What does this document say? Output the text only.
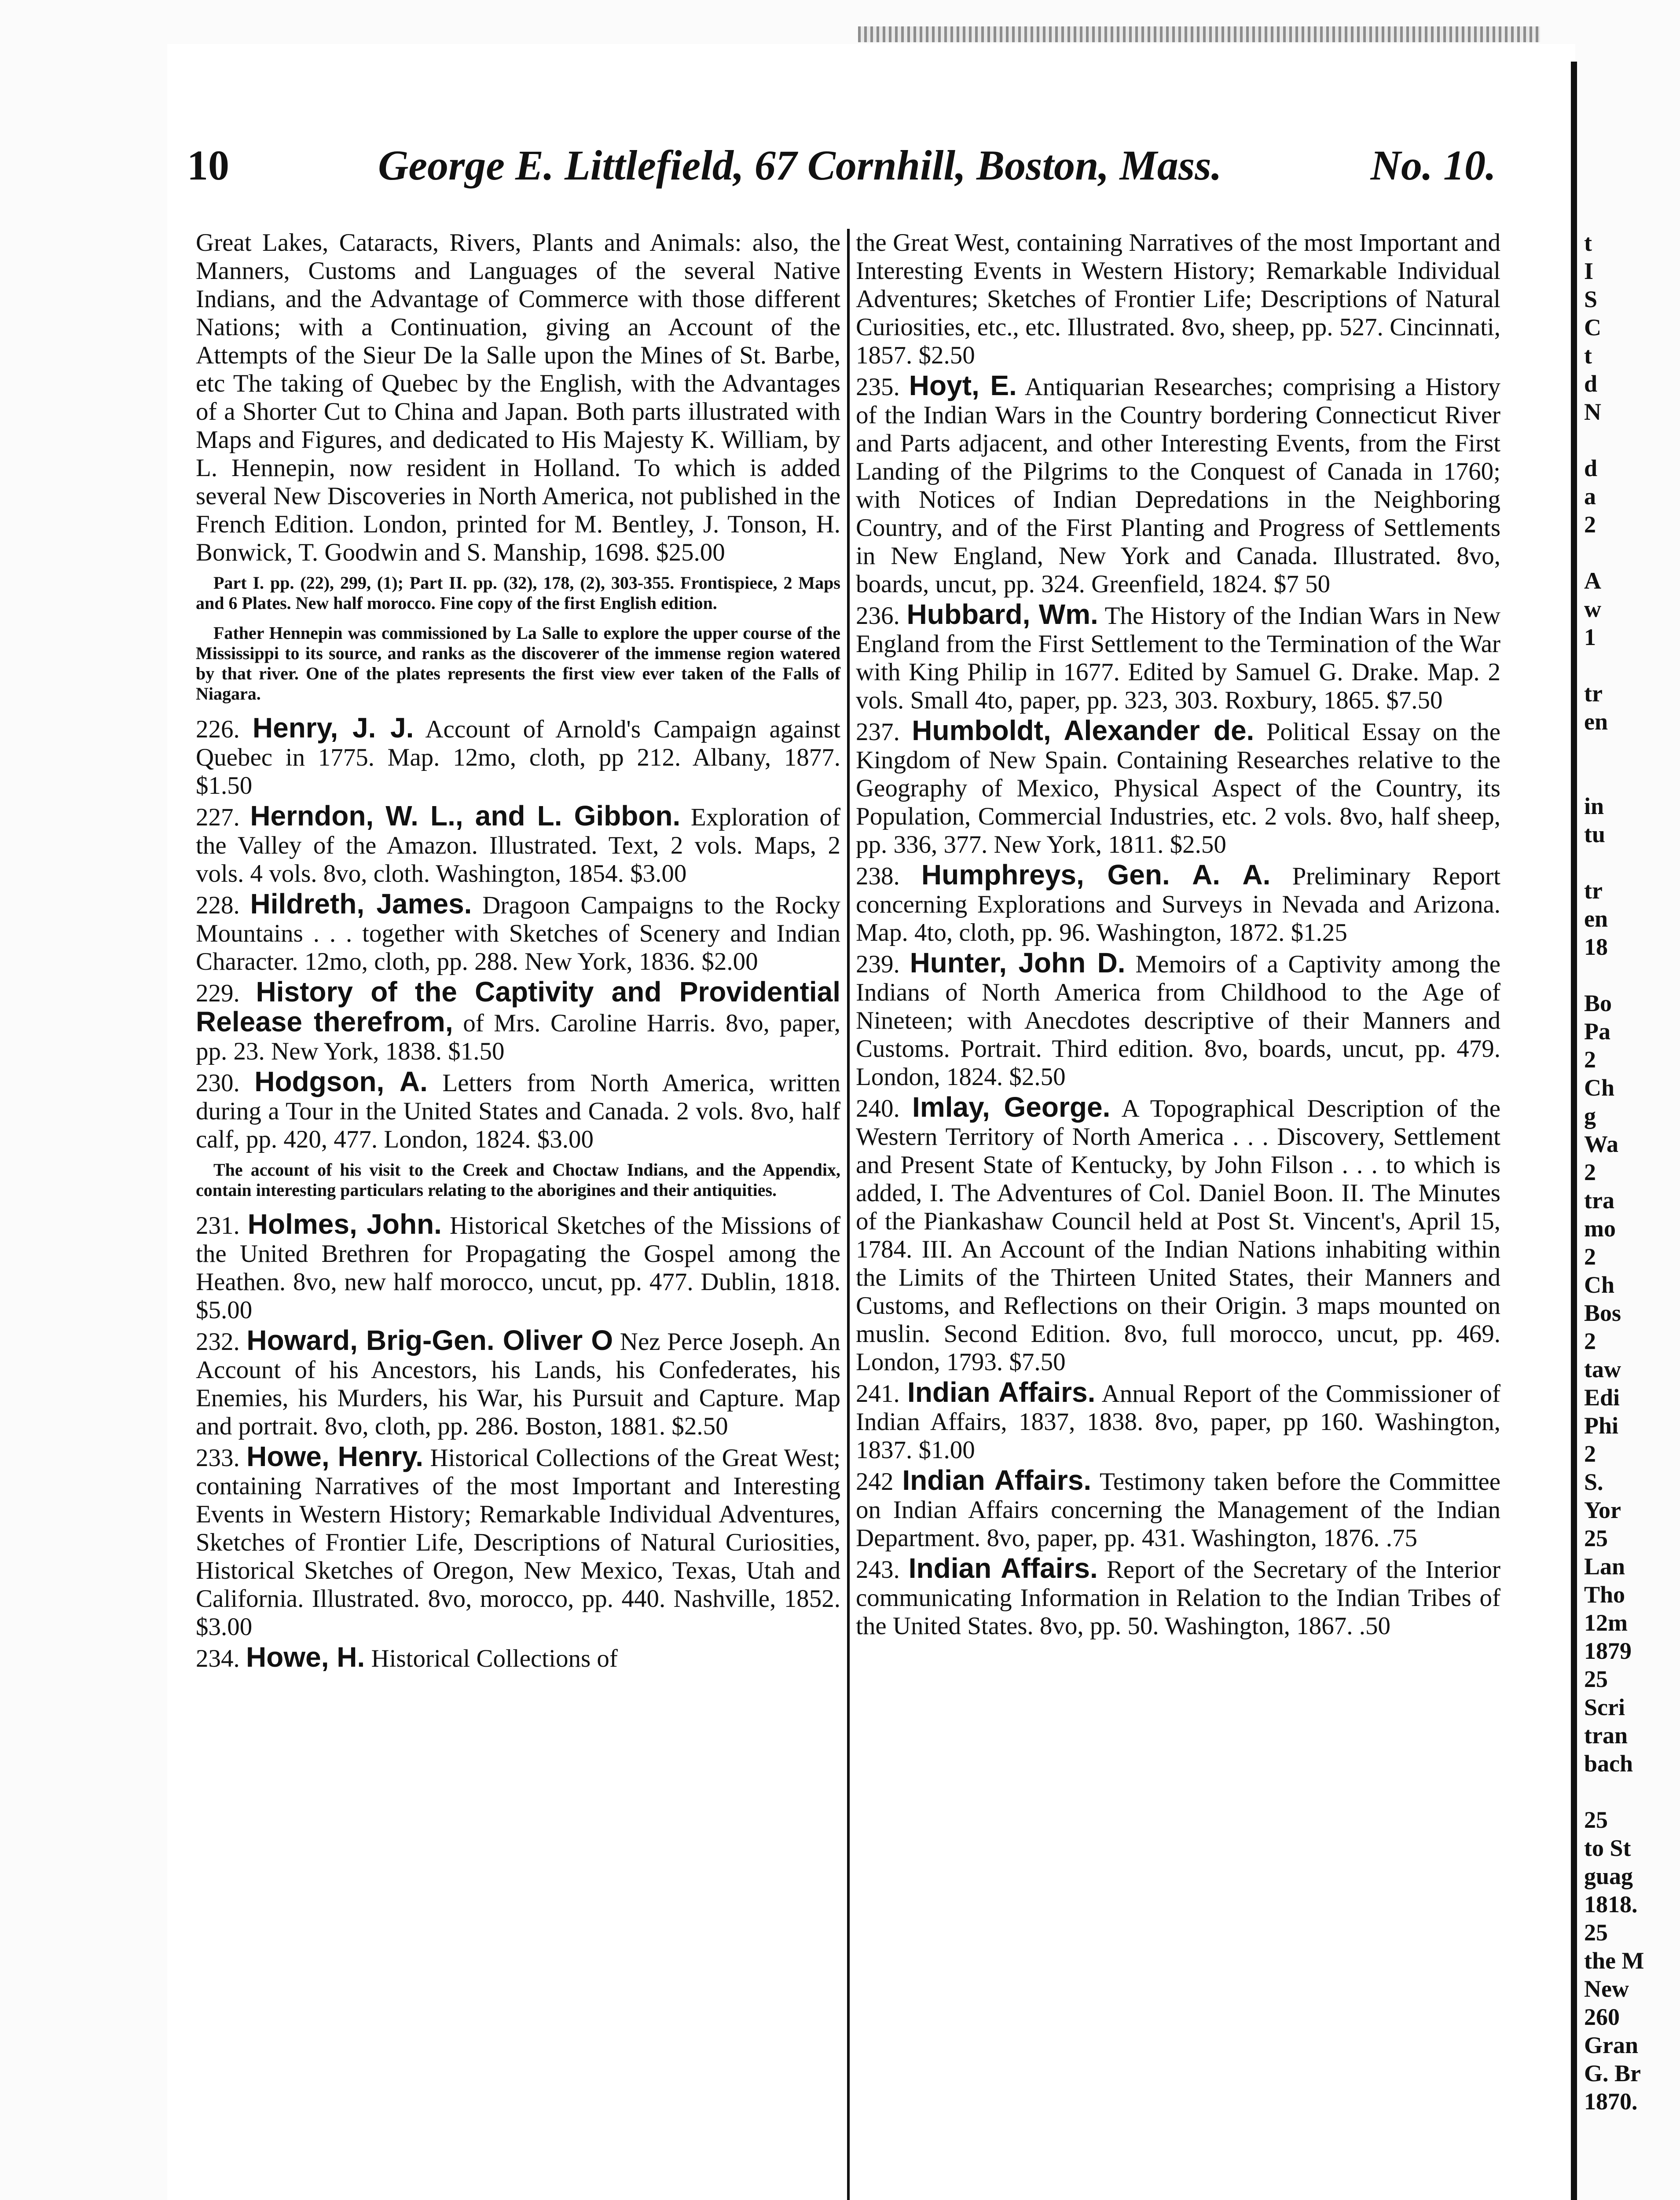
10	George E. Littlefield, 67 Cornhill, Boston, Mass.	No. 10.

Great Lakes, Cataracts, Rivers, Plants and Animals: also, the Manners, Customs and Languages of the several Native Indians, and the Advantage of Commerce with those different Nations; with a Continuation, giving an Account of the Attempts of the Sieur De la Salle upon the Mines of St. Barbe, etc The taking of Quebec by the English, with the Advantages of a Shorter Cut to China and Japan. Both parts illustrated with Maps and Figures, and dedicated to His Majesty K. William, by L. Hennepin, now resident in Holland. To which is added several New Discoveries in North America, not published in the French Edition. London, printed for M. Bentley, J. Tonson, H. Bonwick, T. Goodwin and S. Manship, 1698. $25.00

Part I. pp. (22), 299, (1); Part II. pp. (32), 178, (2), 303-355. Frontispiece, 2 Maps and 6 Plates. New half morocco. Fine copy of the first English edition.

Father Hennepin was commissioned by La Salle to explore the upper course of the Mississippi to its source, and ranks as the discoverer of the immense region watered by that river. One of the plates represents the first view ever taken of the Falls of Niagara.

226. Henry, J. J. Account of Arnold's Campaign against Quebec in 1775. Map. 12mo, cloth, pp 212. Albany, 1877. $1.50

227. Herndon, W. L., and L. Gibbon. Exploration of the Valley of the Amazon. Illustrated. Text, 2 vols. Maps, 2 vols. 4 vols. 8vo, cloth. Washington, 1854. $3.00

228. Hildreth, James. Dragoon Campaigns to the Rocky Mountains . . . together with Sketches of Scenery and Indian Character. 12mo, cloth, pp. 288. New York, 1836. $2.00

229. History of the Captivity and Providential Release therefrom, of Mrs. Caroline Harris. 8vo, paper, pp. 23. New York, 1838. $1.50

230. Hodgson, A. Letters from North America, written during a Tour in the United States and Canada. 2 vols. 8vo, half calf, pp. 420, 477. London, 1824. $3.00

The account of his visit to the Creek and Choctaw Indians, and the Appendix, contain interesting particulars relating to the aborigines and their antiquities.

231. Holmes, John. Historical Sketches of the Missions of the United Brethren for Propagating the Gospel among the Heathen. 8vo, new half morocco, uncut, pp. 477. Dublin, 1818. $5.00

232. Howard, Brig-Gen. Oliver O Nez Perce Joseph. An Account of his Ancestors, his Lands, his Confederates, his Enemies, his Murders, his War, his Pursuit and Capture. Map and portrait. 8vo, cloth, pp. 286. Boston, 1881. $2.50

233. Howe, Henry. Historical Collections of the Great West; containing Narratives of the most Important and Interesting Events in Western History; Remarkable Individual Adventures, Sketches of Frontier Life, Descriptions of Natural Curiosities, Historical Sketches of Oregon, New Mexico, Texas, Utah and California. Illustrated. 8vo, morocco, pp. 440. Nashville, 1852. $3.00

234. Howe, H. Historical Collections of

the Great West, containing Narratives of the most Important and Interesting Events in Western History; Remarkable Individual Adventures; Sketches of Frontier Life; Descriptions of Natural Curiosities, etc., etc. Illustrated. 8vo, sheep, pp. 527. Cincinnati, 1857. $2.50

235. Hoyt, E. Antiquarian Researches; comprising a History of the Indian Wars in the Country bordering Connecticut River and Parts adjacent, and other Interesting Events, from the First Landing of the Pilgrims to the Conquest of Canada in 1760; with Notices of Indian Depredations in the Neighboring Country, and of the First Planting and Progress of Settlements in New England, New York and Canada. Illustrated. 8vo, boards, uncut, pp. 324. Greenfield, 1824. $7 50

236. Hubbard, Wm. The History of the Indian Wars in New England from the First Settlement to the Termination of the War with King Philip in 1677. Edited by Samuel G. Drake. Map. 2 vols. Small 4to, paper, pp. 323, 303. Roxbury, 1865. $7.50

237. Humboldt, Alexander de. Political Essay on the Kingdom of New Spain. Containing Researches relative to the Geography of Mexico, Physical Aspect of the Country, its Population, Commercial Industries, etc. 2 vols. 8vo, half sheep, pp. 336, 377. New York, 1811. $2.50

238. Humphreys, Gen. A. A. Preliminary Report concerning Explorations and Surveys in Nevada and Arizona. Map. 4to, cloth, pp. 96. Washington, 1872. $1.25

239. Hunter, John D. Memoirs of a Captivity among the Indians of North America from Childhood to the Age of Nineteen; with Anecdotes descriptive of their Manners and Customs. Portrait. Third edition. 8vo, boards, uncut, pp. 479. London, 1824. $2.50

240. Imlay, George. A Topographical Description of the Western Territory of North America . . . Discovery, Settlement and Present State of Kentucky, by John Filson . . . to which is added, I. The Adventures of Col. Daniel Boon. II. The Minutes of the Piankashaw Council held at Post St. Vincent's, April 15, 1784. III. An Account of the Indian Nations inhabiting within the Limits of the Thirteen United States, their Manners and Customs, and Reflections on their Origin. 3 maps mounted on muslin. Second Edition. 8vo, full morocco, uncut, pp. 469. London, 1793. $7.50

241. Indian Affairs. Annual Report of the Commissioner of Indian Affairs, 1837, 1838. 8vo, paper, pp 160. Washington, 1837. $1.00

242 Indian Affairs. Testimony taken before the Committee on Indian Affairs concerning the Management of the Indian Department. 8vo, paper, pp. 431. Washington, 1876. .75

243. Indian Affairs. Report of the Secretary of the Interior communicating Information in Relation to the Indian Tribes of the United States. 8vo, pp. 50. Washington, 1867. .50

t
I
S
C
t
d
N

d
a
2

A
w
1

tr
en

in
tu

tr
en
18

Bo
Pa
2
Ch
g
Wa
2
tra
mo
2
Ch
Bos
2
taw
Edi
Phi
2
S.
Yor
25
Lan
Tho
12m
1879
25
Scri
tran
bach

25
to St
guag
1818.
25
the M
New
260
Gran
G. Br
1870.
